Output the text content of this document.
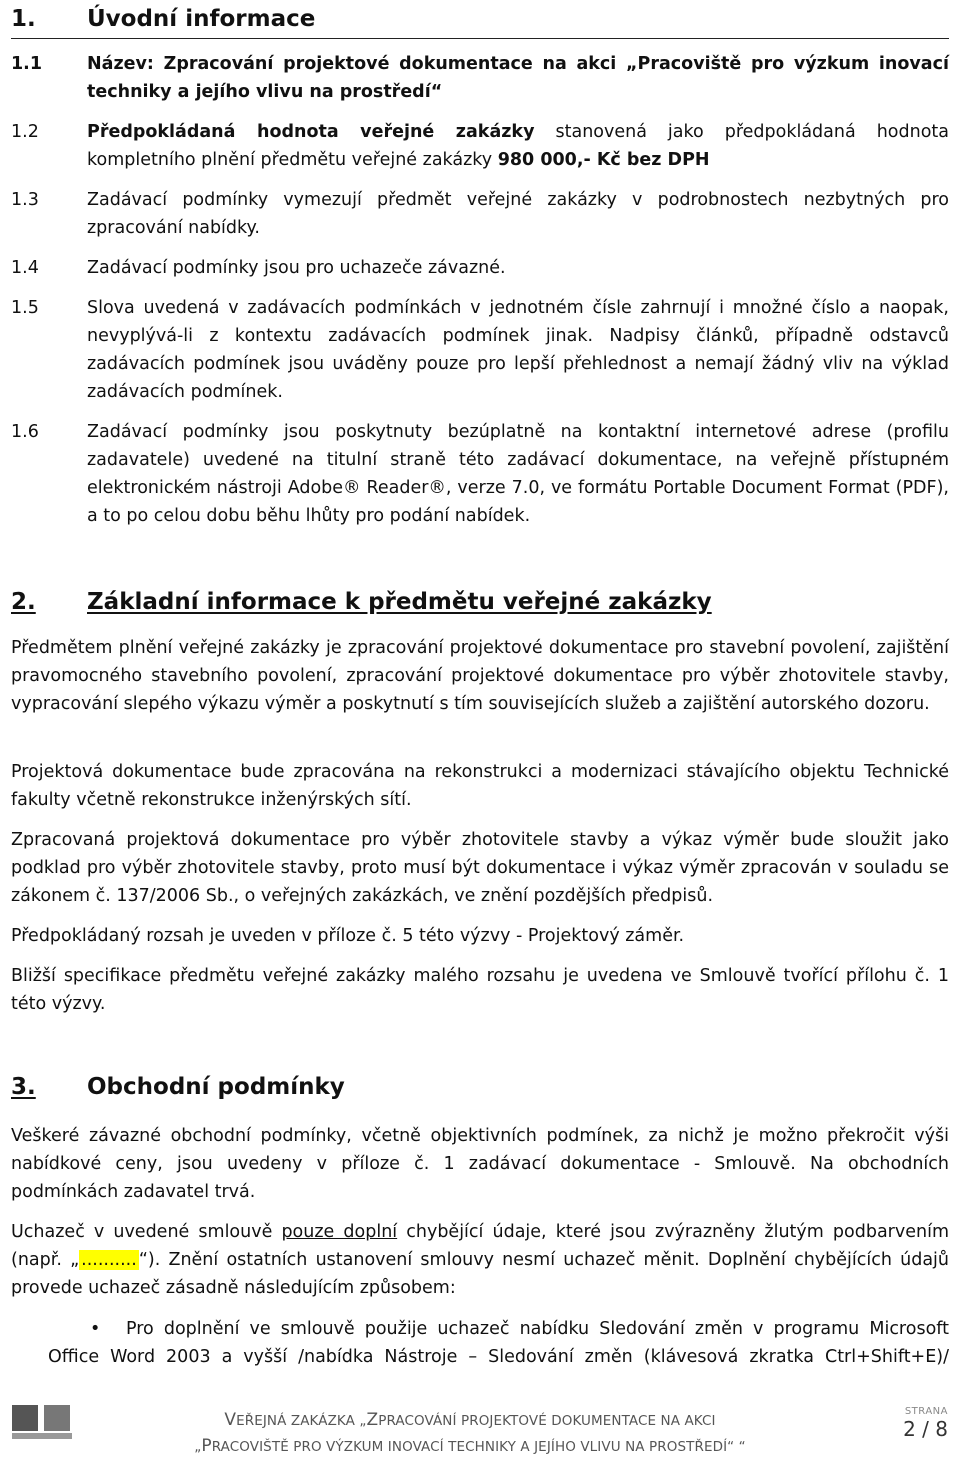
1. Úvodní informace
1.1	Název: Zpracování projektové dokumentace na akci „Pracoviště pro výzkum inovací
techniky a jejího vlivu na prostředí“
1.2	Předpokládaná hodnota veřejné zakázky stanovená jako předpokládaná hodnota
kompletního plnění předmětu veřejné zakázky 980 000,- Kč bez DPH
1.3	Zadávací podmínky vymezují předmět veřejné zakázky v podrobnostech nezbytných pro zpracování nabídky.
1.4	Zadávací podmínky jsou pro uchazeče závazné.
1.5	Slova uvedená v zadávacích podmínkách v jednotném čísle zahrnují i množné číslo a naopak, nevyplývá-li z kontextu zadávacích podmínek jinak. Nadpisy článků, případně odstavců zadávacích podmínek jsou uváděny pouze pro lepší přehlednost a nemají žádný vliv na výklad zadávacích podmínek.
1.6	Zadávací podmínky jsou poskytnuty bezúplatně na kontaktní internetové adrese (profilu zadavatele) uvedené na titulní straně této zadávací dokumentace, na veřejně přístupném elektronickém nástroji Adobe® Reader®, verze 7.0, ve formátu Portable Document Format (PDF), a to po celou dobu běhu lhůty pro podání nabídek.
2. Základní informace k předmětu veřejné zakázky
Předmětem plnění veřejné zakázky je zpracování projektové dokumentace pro stavební povolení, zajištění pravomocného stavebního povolení, zpracování projektové dokumentace pro výběr zhotovitele stavby, vypracování slepého výkazu výměr a poskytnutí s tím souvisejících služeb a zajištění autorského dozoru.
Projektová dokumentace bude zpracována na rekonstrukci a modernizaci stávajícího objektu Technické fakulty včetně rekonstrukce inženýrských sítí.
Zpracovaná projektová dokumentace pro výběr zhotovitele stavby a výkaz výměr bude sloužit jako podklad pro výběr zhotovitele stavby, proto musí být dokumentace i výkaz výměr zpracován v souladu se zákonem č. 137/2006 Sb., o veřejných zakázkách, ve znění pozdějších předpisů.
Předpokládaný rozsah je uveden v příloze č. 5 této výzvy - Projektový záměr.
Bližší specifikace předmětu veřejné zakázky malého rozsahu je uvedena ve Smlouvě tvořící přílohu č. 1 této výzvy.
3. Obchodní podmínky
Veškeré závazné obchodní podmínky, včetně objektivních podmínek, za nichž je možno překročit výši nabídkové ceny, jsou uvedeny v příloze č. 1 zadávací dokumentace - Smlouvě. Na obchodních podmínkách zadavatel trvá.
Uchazeč v uvedené smlouvě pouze doplní chybějící údaje, které jsou zvýrazněny žlutým podbarvením (např. „ .......... “). Znění ostatních ustanovení smlouvy nesmí uchazeč měnit. Doplnění chybějících údajů provede uchazeč zásadně následujícím způsobem:
• Pro doplnění ve smlouvě použije uchazeč nabídku Sledování změn v programu Microsoft
Office Word 2003 a vyšší /nabídka Nástroje – Sledování změn (klávesová zkratka Ctrl+Shift+E)/
VEŘEJNÁ ZAKÁZKA „ZPRACOVÁNÍ PROJEKTOVÉ DOKUMENTACE NA AKCI
„PRACOVIŠTĚ PRO VÝZKUM INOVACÍ TECHNIKY A JEJÍHO VLIVU NA PROSTŘEDÍ“ “
STRANA
2 / 8
